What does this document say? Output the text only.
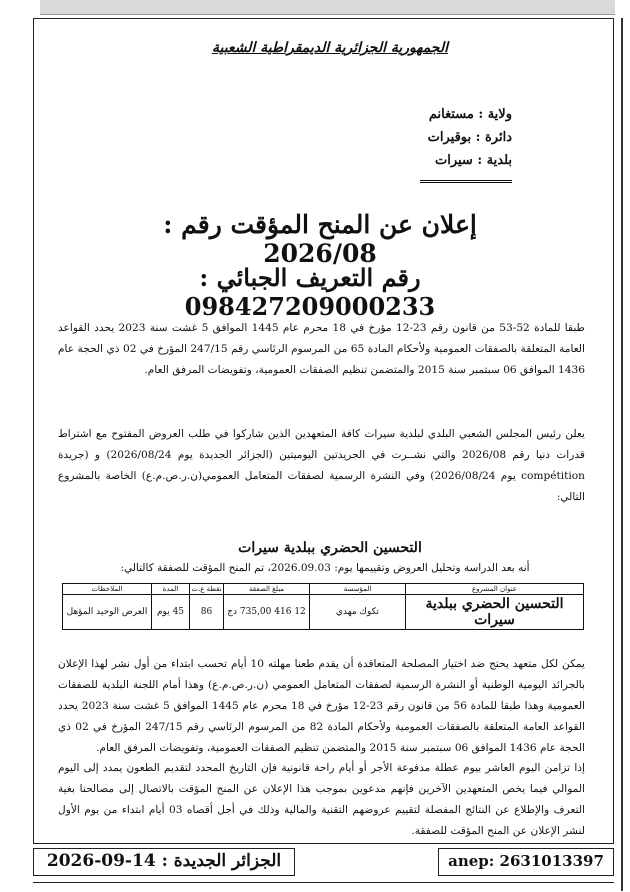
الجمهورية الجزائرية الديمقراطية الشعبية
ولاية : مستغانم
دائرة : بوقيرات
بلدية : سيرات
إعلان عن المنح المؤقت رقم : 2026/08
رقم التعريف الجبائي : 098427209000233
طبقا للمادة 52-53 من قانون رقم 23-12 مؤرخ في 18 محرم عام 1445 الموافق 5 غشت سنة 2023 يحدد القواعد العامة المتعلقة بالصفقات العمومية ولأحكام المادة 65 من المرسوم الرئاسي رقم 247/15 المؤرخ في 02 ذي الحجة عام 1436 الموافق 06 سبتمبر سنة 2015 والمتضمن تنظيم الصفقات العمومية، وتفويضات المرفق العام.
يعلن رئيس المجلس الشعبي البلدي لبلدية سيرات كافة المتعهدين الذين شاركوا في طلب العروض المفتوح مع اشتراط قدرات دنيا رقم 2026/08 والتي نشــرت في الجريدتين اليوميتين (الجزائر الجديدة يوم 2026/08/24) و (جريدة compétition يوم 2026/08/24) وفي النشرة الرسمية لصفقات المتعامل العمومي(ن.ر.ص.م.ع) الخاصة بالمشروع التالي:
التحسين الحضري ببلدية سيرات
أنه بعد الدراسة وتحليل العروض وتقييمها يوم: 2026.09.03، تم المنح المؤقت للصفقة كالتالي:
عنوان المشروع	المؤسسة	مبلغ الصفقة	نقطة ع.ت	المدة	الملاحظات
التحسين الحضري ببلدية سيرات	تكوك مهدي	12 416 735,00 دج	86	45 يوم	العرض الوحيد المؤهل
يمكن لكل متعهد يحتج ضد اختيار المصلحة المتعاقدة أن يقدم طعنا مهلته 10 أيام تحسب ابتداء من أول نشر لهذا الإعلان بالجرائد اليومية الوطنية أو النشرة الرسمية لصفقات المتعامل العمومي (ن.ر.ص.م.ع) وهذا أمام اللجنة البلدية للصفقات العمومية وهذا طبقا للمادة 56 من قانون رقم 23-12 مؤرخ في 18 محرم عام 1445 الموافق 5 غشت سنة 2023 يحدد القواعد العامة المتعلقة بالصفقات العمومية ولأحكام المادة 82 من المرسوم الرئاسي رقم 247/15 المؤرخ في 02 ذي الحجة عام 1436 الموافق 06 سبتمبر سنة 2015 والمتضمن تنظيم الصفقات العمومية، وتفويضات المرفق العام.
إذا تزامن اليوم العاشر بيوم عطلة مدفوعة الأجر أو أيام راحة قانونية فإن التاريخ المحدد لتقديم الطعون يمدد إلى اليوم الموالي فيما يخص المتعهدين الآخرين فإنهم مدعوين بموجب هذا الإعلان عن المنح المؤقت بالاتصال إلى مصالحنا بغية التعرف والإطلاع عن النتائج المفصلة لتقييم عروضهم التقنية والمالية وذلك في أجل أقصاه 03 أيام ابتداء من يوم الأول لنشر الإعلان عن المنح المؤقت للصفقة.
الجزائر الجديدة : 14-09-2026	anep: 2631013397
